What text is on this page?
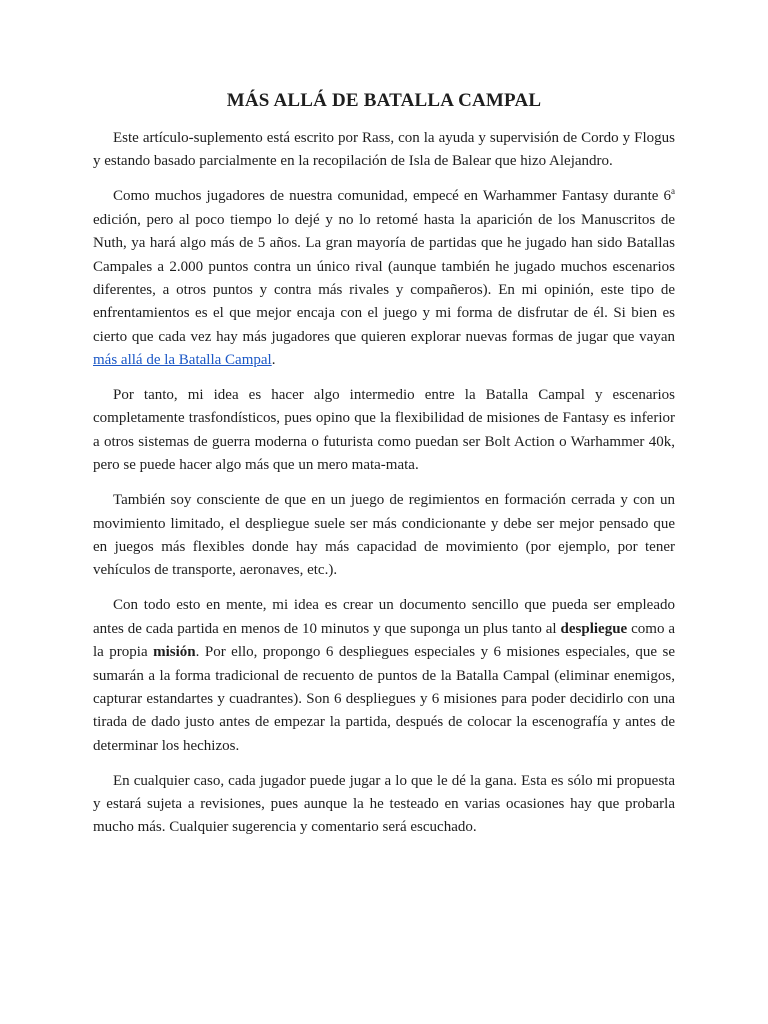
MÁS ALLÁ DE BATALLA CAMPAL

Este artículo-suplemento está escrito por Rass, con la ayuda y supervisión de Cordo y Flogus y estando basado parcialmente en la recopilación de Isla de Balear que hizo Alejandro.

Como muchos jugadores de nuestra comunidad, empecé en Warhammer Fantasy durante 6$^a$ edición, pero al poco tiempo lo dejé y no lo retomé hasta la aparición de los Manuscritos de Nuth, ya hará algo más de 5 años. La gran mayoría de partidas que he jugado han sido Batallas Campales a 2.000 puntos contra un único rival (aunque también he jugado muchos escenarios diferentes, a otros puntos y contra más rivales y compañeros). En mi opinión, este tipo de enfrentamientos es el que mejor encaja con el juego y mi forma de disfrutar de él. Si bien es cierto que cada vez hay más jugadores que quieren explorar nuevas formas de jugar que vayan más allá de la Batalla Campal.

Por tanto, mi idea es hacer algo intermedio entre la Batalla Campal y escenarios completamente trasfondísticos, pues opino que la flexibilidad de misiones de Fantasy es inferior a otros sistemas de guerra moderna o futurista como puedan ser Bolt Action o Warhammer 40k, pero se puede hacer algo más que un mero mata-mata.

También soy consciente de que en un juego de regimientos en formación cerrada y con un movimiento limitado, el despliegue suele ser más condicionante y debe ser mejor pensado que en juegos más flexibles donde hay más capacidad de movimiento (por ejemplo, por tener vehículos de transporte, aeronaves, etc.).

Con todo esto en mente, mi idea es crear un documento sencillo que pueda ser empleado antes de cada partida en menos de 10 minutos y que suponga un plus tanto al despliegue como a la propia misión. Por ello, propongo 6 despliegues especiales y 6 misiones especiales, que se sumarán a la forma tradicional de recuento de puntos de la Batalla Campal (eliminar enemigos, capturar estandartes y cuadrantes). Son 6 despliegues y 6 misiones para poder decidirlo con una tirada de dado justo antes de empezar la partida, después de colocar la escenografía y antes de determinar los hechizos.

En cualquier caso, cada jugador puede jugar a lo que le dé la gana. Esta es sólo mi propuesta y estará sujeta a revisiones, pues aunque la he testeado en varias ocasiones hay que probarla mucho más. Cualquier sugerencia y comentario será escuchado.
